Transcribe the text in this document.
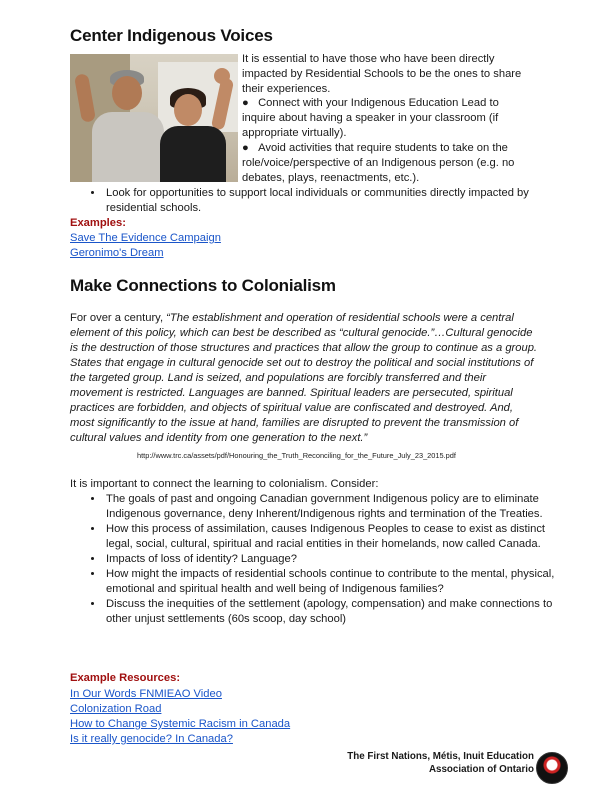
Center Indigenous Voices

It is essential to have those who have been directly impacted by Residential Schools to be the ones to share their experiences.

●   Connect with your Indigenous Education Lead to inquire about having a speaker in your classroom (if appropriate virtually).
●   Avoid activities that require students to take on the role/voice/perspective of an Indigenous person (e.g. no debates, plays, reenactments, etc.).
• Look for opportunities to support local individuals or communities directly impacted by residential schools.
Examples:
Save The Evidence Campaign
Geronimo's Dream
Make Connections to Colonialism

For over a century, “The establishment and operation of residential schools were a central element of this policy, which can best be described as “cultural genocide.”…Cultural genocide is the destruction of those structures and practices that allow the group to continue as a group. States that engage in cultural genocide set out to destroy the political and social institutions of the targeted group. Land is seized, and populations are forcibly transferred and their movement is restricted. Languages are banned. Spiritual leaders are persecuted, spiritual practices are forbidden, and objects of spiritual value are confiscated and destroyed. And, most significantly to the issue at hand, families are disrupted to prevent the transmission of cultural values and identity from one generation to the next.”

http://www.trc.ca/assets/pdf/Honouring_the_Truth_Reconciling_for_the_Future_July_23_2015.pdf

It is important to connect the learning to colonialism. Consider:

• The goals of past and ongoing Canadian government Indigenous policy are to eliminate Indigenous governance, deny Inherent/Indigenous rights and termination of the Treaties.
• How this process of assimilation, causes Indigenous Peoples to cease to exist as distinct legal, social, cultural, spiritual and racial entities in their homelands, now called Canada.
• Impacts of loss of identity? Language?
• How might the impacts of residential schools continue to contribute to the mental, physical, emotional and spiritual health and well being of Indigenous families?
• Discuss the inequities of the settlement (apology, compensation) and make connections to other unjust settlements (60s scoop, day school)
Example Resources:
In Our Words FNMIEAO Video
Colonization Road
How to Change Systemic Racism in Canada
Is it really genocide? In Canada?
The First Nations, Métis, Inuit Education
Association of Ontario
